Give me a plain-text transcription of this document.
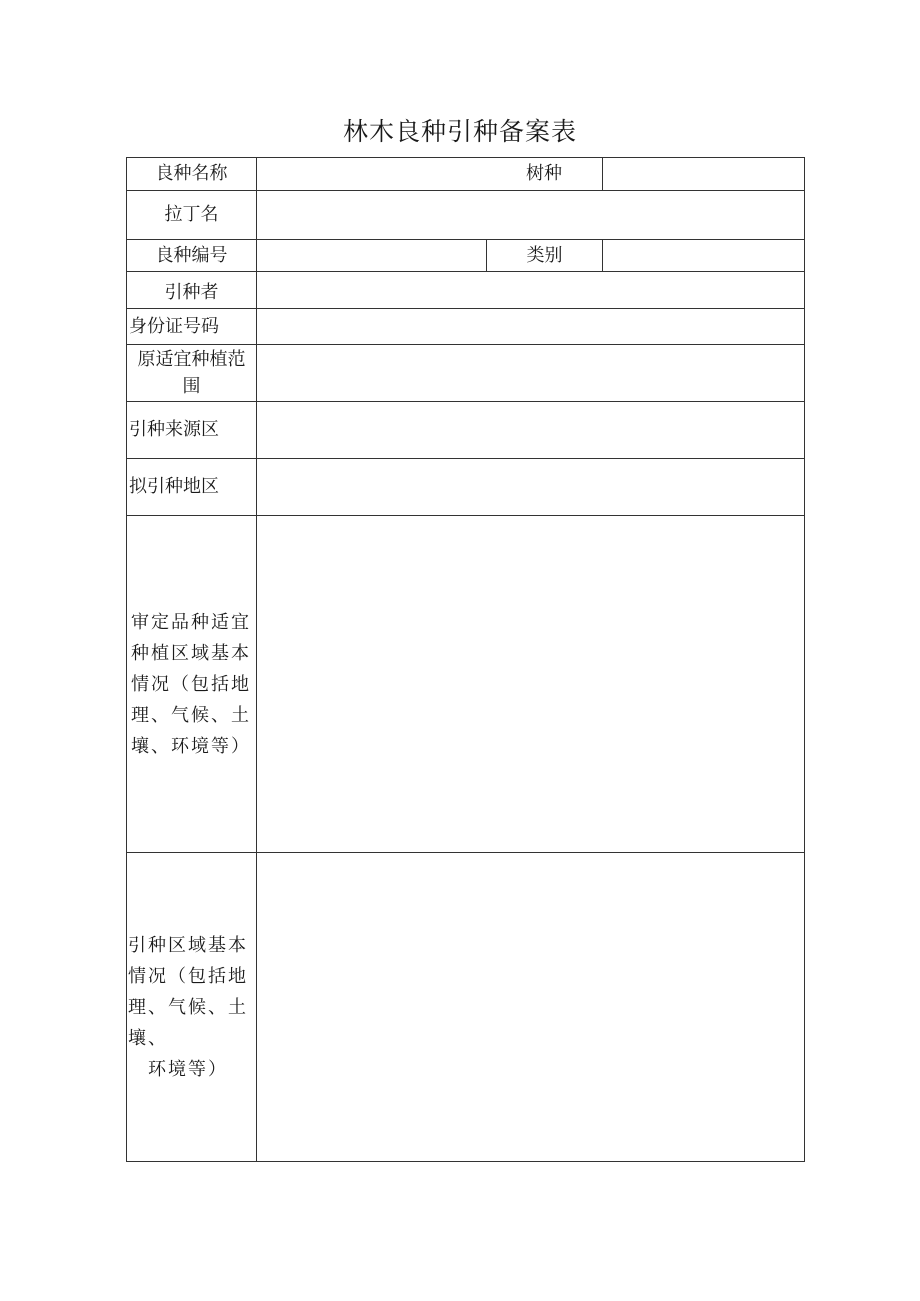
林木良种引种备案表
良种名称	树种
拉丁名
良种编号	类别
引种者
身份证号码
原适宜种植范
围
引种来源区
拟引种地区
审定品种适宜
种植区域基本
情况（包括地
理、气候、土
壤、环境等）
引种区域基本
情况（包括地
理、气候、土
壤、
　环境等）
